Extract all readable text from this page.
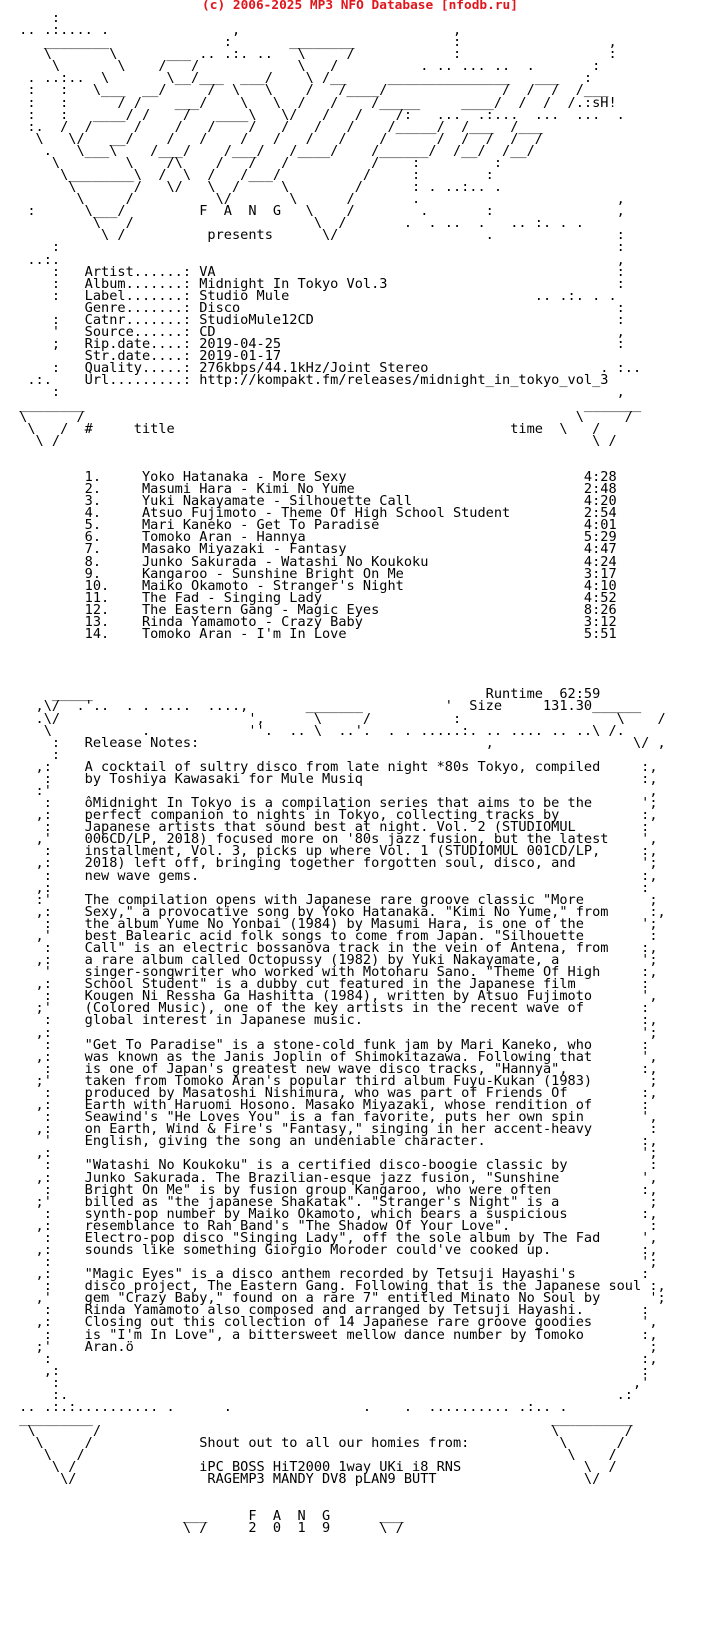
(c) 2006-2025 MP3 NFO Database [nfodb.ru]
:
.. .:.... .               ,                          ,
________              :       ________            :                  ,
\       \      ___ .. .:. ..   \     /            :                  :
\       \    /   /            \   /          . .. ... ..  .       :
. ..:..  \       \__/___  ___/    \ /__     _______________   ___   :
:   :   \___  __/     /  \   \    /   /____/              /  /  /  /___
:   :      / /    ___/    \   \  /   /    /_____     ____/  /  /  /.:sH!
:   :   ____/ /    /   ____\   \/   /   /    /:   ...  .:...  ...  ...  .
:.  /  /     /    /   /    /   /   /   /    /_____/  /___  /___
\   \/   __/    /   /    /   /   /   /    /      /  /  /  /  /
.   \___\    /___/    /___/   /____/    /______/  /__/  /__/
\        \    /\    /   /   /          /    :         :
\________\  /  \  /   /___/          /     :        :
\       /   \/   \  /     \        /      : . ..:.. .
\     /          \/       \      /       .                        ,
:      \___/         F  A  N  G   \    /        .       :               ,
\   /                      \  /       .  . ..  .   .. :. . .
\ /          presents      \/                  .               :
:                                                                    :
..:.                                                                    ,
:   Artist......: VA                                                 :
:   Album.......: Midnight In Tokyo Vol.3                            :
:   Label.......: Studio Mule                              .. .:. . .
Genre.......: Disco                                              :
:   Catnr.......: StudioMule12CD                                     :
'   Source......: CD                                                 ,
;   Rip.date....: 2019-04-25                                         :
Str.date....: 2019-01-17
:   Quality.....: 276kbps/44.1kHz/Joint Stereo                     . :..
.:.    Url.........: http://kompakt.fm/releases/midnight_in_tokyo_vol_3
:                                                                    ,
________                                                             _______
\      /                                                            \     /
\   /  #     title                                         time  \   /
\ /                                                                 \ /

1.     Yoko Hatanaka - More Sexy                             4:28
2.     Masumi Hara - Kimi No Yume                            2:48
3.     Yuki Nakayamate - Silhouette Call                     4:20
4.     Atsuo Fujimoto - Theme Of High School Student         2:54
5.     Mari Kaneko - Get To Paradise                         4:01
6.     Tomoko Aran - Hannya                                  5:29
7.     Masako Miyazaki - Fantasy                             4:47
8.     Junko Sakurada - Watashi No Koukoku                   4:24
9.     Kangaroo - Sunshine Bright On Me                      3:17
10.    Maiko Okamoto - Stranger's Night                      4:10
11.    The Fad - Singing Lady                                4:52
12.    The Eastern Gang - Magic Eyes                         8:26
13.    Rinda Yamamoto - Crazy Baby                           3:12
14.    Tomoko Aran - I'm In Love                             5:51

_____                                                Runtime  62:59
,\/  .'..  . . ....  ....,       _______          '  Size     131.30______
.\/                       ',      \     /          :                   \    /
\           .            ''.  .. \  ..'.  . . .....:. .. .... .. ..\ /.
:   Release Notes:                                   ,                 \/ ,
:
,:    A cocktail of sultry disco from late night *80s Tokyo, compiled     :,
:    by Toshiya Kawasaki for Mule Musiq                                  :,
:'                                                                         ,
:    ôMidnight In Tokyo is a compilation series that aims to be the      ';
,:    perfect companion to nights in Tokyo, collecting tracks by          :,
:    Japanese artists that sound best at night. Vol. 2 (STUDIOMUL        :
,'    006CD/LP, 2018) focused more on '80s jazz fusion, but the latest    ',
:    installment, Vol. 3, picks up where Vol. 1 (STUDIOMUL 001CD/LP,     :,
,:    2018) left off, bringing together forgotten soul, disco, and        ';
:    new wave gems.                                                      :,
,:                                                                        :
:'    The compilation opens with Japanese rare groove classic "More        ;
,:    Sexy," a provocative song by Yoko Hatanaka. "Kimi No Yume," from     :,
:    the album Yume No Yonbai (1984) by Masumi Hara, is one of the       ';
,'    best Balearic acid folk songs to come from Japan. "Silhouette        :
:    Call" is an electric bossanova track in the vein of Antena, from    :,
,:    a rare album called Octopussy (1982) by Yuki Nakayamate, a          ';
'    singer-songwriter who worked with Motoharu Sano. "Theme Of High     :,
,:    School Student" is a dubby cut featured in the Japanese film        :
:    Kougen Ni Ressha Ga Hashitta (1984), written by Atsuo Fujimoto      ',
;'    (Colored Music), one of the key artists in the recent wave of       :
:    global interest in Japanese music.                                  :,
,:                                                                        ';
:    "Get To Paradise" is a stone-cold funk jam by Mari Kaneko, who      :
,:    was known as the Janis Joplin of Shimokitazawa. Following that      ',
:    is one of Japan's greatest new wave disco tracks, "Hannya",         :,
;'    taken from Tomoko Aran's popular third album Fuyu-Kukan (1983)       ;
:    produced by Masatoshi Nishimura, who was part of Friends Of         :,
,:    Earth with Haruomi Hosono. Masako Miyazaki, whose rendition of      :
:    Seawind's "He Loves You" is a fan favorite, puts her own spin       ',
,:    on Earth, Wind & Fire's "Fantasy," singing in her accent-heavy       :
'    English, giving the song an undeniable character.                   :,
,:                                                                        ';
:    "Watashi No Koukoku" is a certified disco-boogie classic by          :
,:    Junko Sakurada. The Brazilian-esque jazz fusion, "Sunshine          ',
:    Bright On Me" is by fusion group Kangaroo, who were often           :,
;'    billed as "the japanese Shakatak". "Stranger's Night" is a           ;
:    synth-pop number by Maiko Okamoto, which bears a suspicious         :,
,:    resemblance to Rah Band's "The Shadow Of Your Love".                 :
:    Electro-pop disco "Singing Lady", off the sole album by The Fad     ',
,:    sounds like something Giorgio Moroder could've cooked up.           :,
:                                                                        ';
,:    "Magic Eyes" is a disco anthem recorded by Tetsuji Hayashi's        :
:    disco project, The Eastern Gang. Following that is the Japanese soul :,
,'    gem "Crazy Baby," found on a rare 7" entitled Minato No Soul by      ';
:    Rinda Yamamoto also composed and arranged by Tetsuji Hayashi.       :
,:    Closing out this collection of 14 Japanese rare groove goodies      ',
:    is "I'm In Love", a bittersweet mellow dance number by Tomoko       :,
;'    Aran.ö                                                               ;
:                                                                        :,
,:                                                                       :
:                                                                      ,'
:.                                                                   .:
.. .:.:.......... .      .                .    .  .......... .:.. .
_________                                                        __________
\       /                                                       \        /
\     /             Shout out to all our homies from:           \      /
\   /                                                           \    /
\ /               iPC BOSS HiT2000 1way UKi i8 RNS               \  /
\/                RAGEMP3 MANDY DV8 pLAN9 BUTT                  \/

___     F  A  N  G      ___
\ /     2  0  1  9      \ /
